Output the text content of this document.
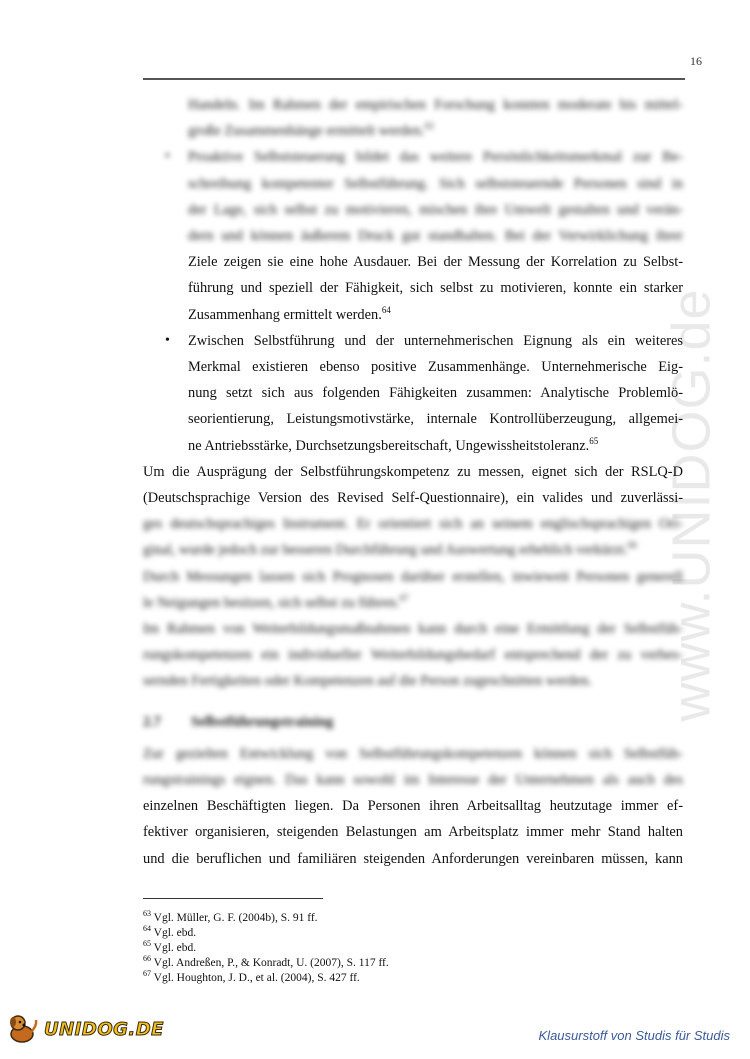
16
www.UNIDOG.de
Handeln. Im Rahmen der empirischen Forschung konnten moderate bis mittel-
große Zusammenhänge ermittelt werden.$^{63}$
• Proaktive Selbststeuerung bildet das weitere Persönlichkeitsmerkmal zur Be-
schreibung kompetenter Selbstführung. Sich selbststeuernde Personen sind in
der Lage, sich selbst zu motivieren, mischen ihre Umwelt gestalten und verän-
dern und können äußerem Druck gut standhalten. Bei der Verwirklichung ihrer
Ziele zeigen sie eine hohe Ausdauer. Bei der Messung der Korrelation zu Selbst-
führung und speziell der Fähigkeit, sich selbst zu motivieren, konnte ein starker
Zusammenhang ermittelt werden.$^{64}$
• Zwischen Selbstführung und der unternehmerischen Eignung als ein weiteres
Merkmal existieren ebenso positive Zusammenhänge. Unternehmerische Eig-
nung setzt sich aus folgenden Fähigkeiten zusammen: Analytische Problemlö-
seorientierung, Leistungsmotivstärke, internale Kontrollüberzeugung, allgemei-
ne Antriebsstärke, Durchsetzungsbereitschaft, Ungewissheitstoleranz.$^{65}$
Um die Ausprägung der Selbstführungskompetenz zu messen, eignet sich der RSLQ-D
(Deutschsprachige Version des Revised Self-Questionnaire), ein valides und zuverlässi-
ges deutschsprachiges Instrument. Er orientiert sich an seinem englischsprachigen Ori-
ginal, wurde jedoch zur besseren Durchführung und Auswertung erheblich verkürzt.$^{66}$
Durch Messungen lassen sich Prognosen darüber erstellen, inwieweit Personen generell
le Neigungen besitzen, sich selbst zu führen.$^{67}$
Im Rahmen von Weiterbildungsmaßnahmen kann durch eine Ermittlung der Selbstfüh-
rungskompetenzen ein individueller Weiterbildungsbedarf entsprechend der zu verbes-
sernden Fertigkeiten oder Kompetenzen auf die Person zugeschnitten werden.
2.7 Selbstführungstraining
Zur gezielten Entwicklung von Selbstführungskompetenzen können sich Selbstfüh-
rungstrainings eignen. Das kann sowohl im Interesse der Unternehmen als auch des
einzelnen Beschäftigten liegen. Da Personen ihren Arbeitsalltag heutzutage immer ef-
fektiver organisieren, steigenden Belastungen am Arbeitsplatz immer mehr Stand halten
und die beruflichen und familiären steigenden Anforderungen vereinbaren müssen, kann
$^{63}$ Vgl. Müller, G. F. (2004b), S. 91 ff.
$^{64}$ Vgl. ebd.
$^{65}$ Vgl. ebd.
$^{66}$ Vgl. Andreßen, P., & Konradt, U. (2007), S. 117 ff.
$^{67}$ Vgl. Houghton, J. D., et al. (2004), S. 427 ff.
UNIDOG.DE	Klausurstoff von Studis für Studis
